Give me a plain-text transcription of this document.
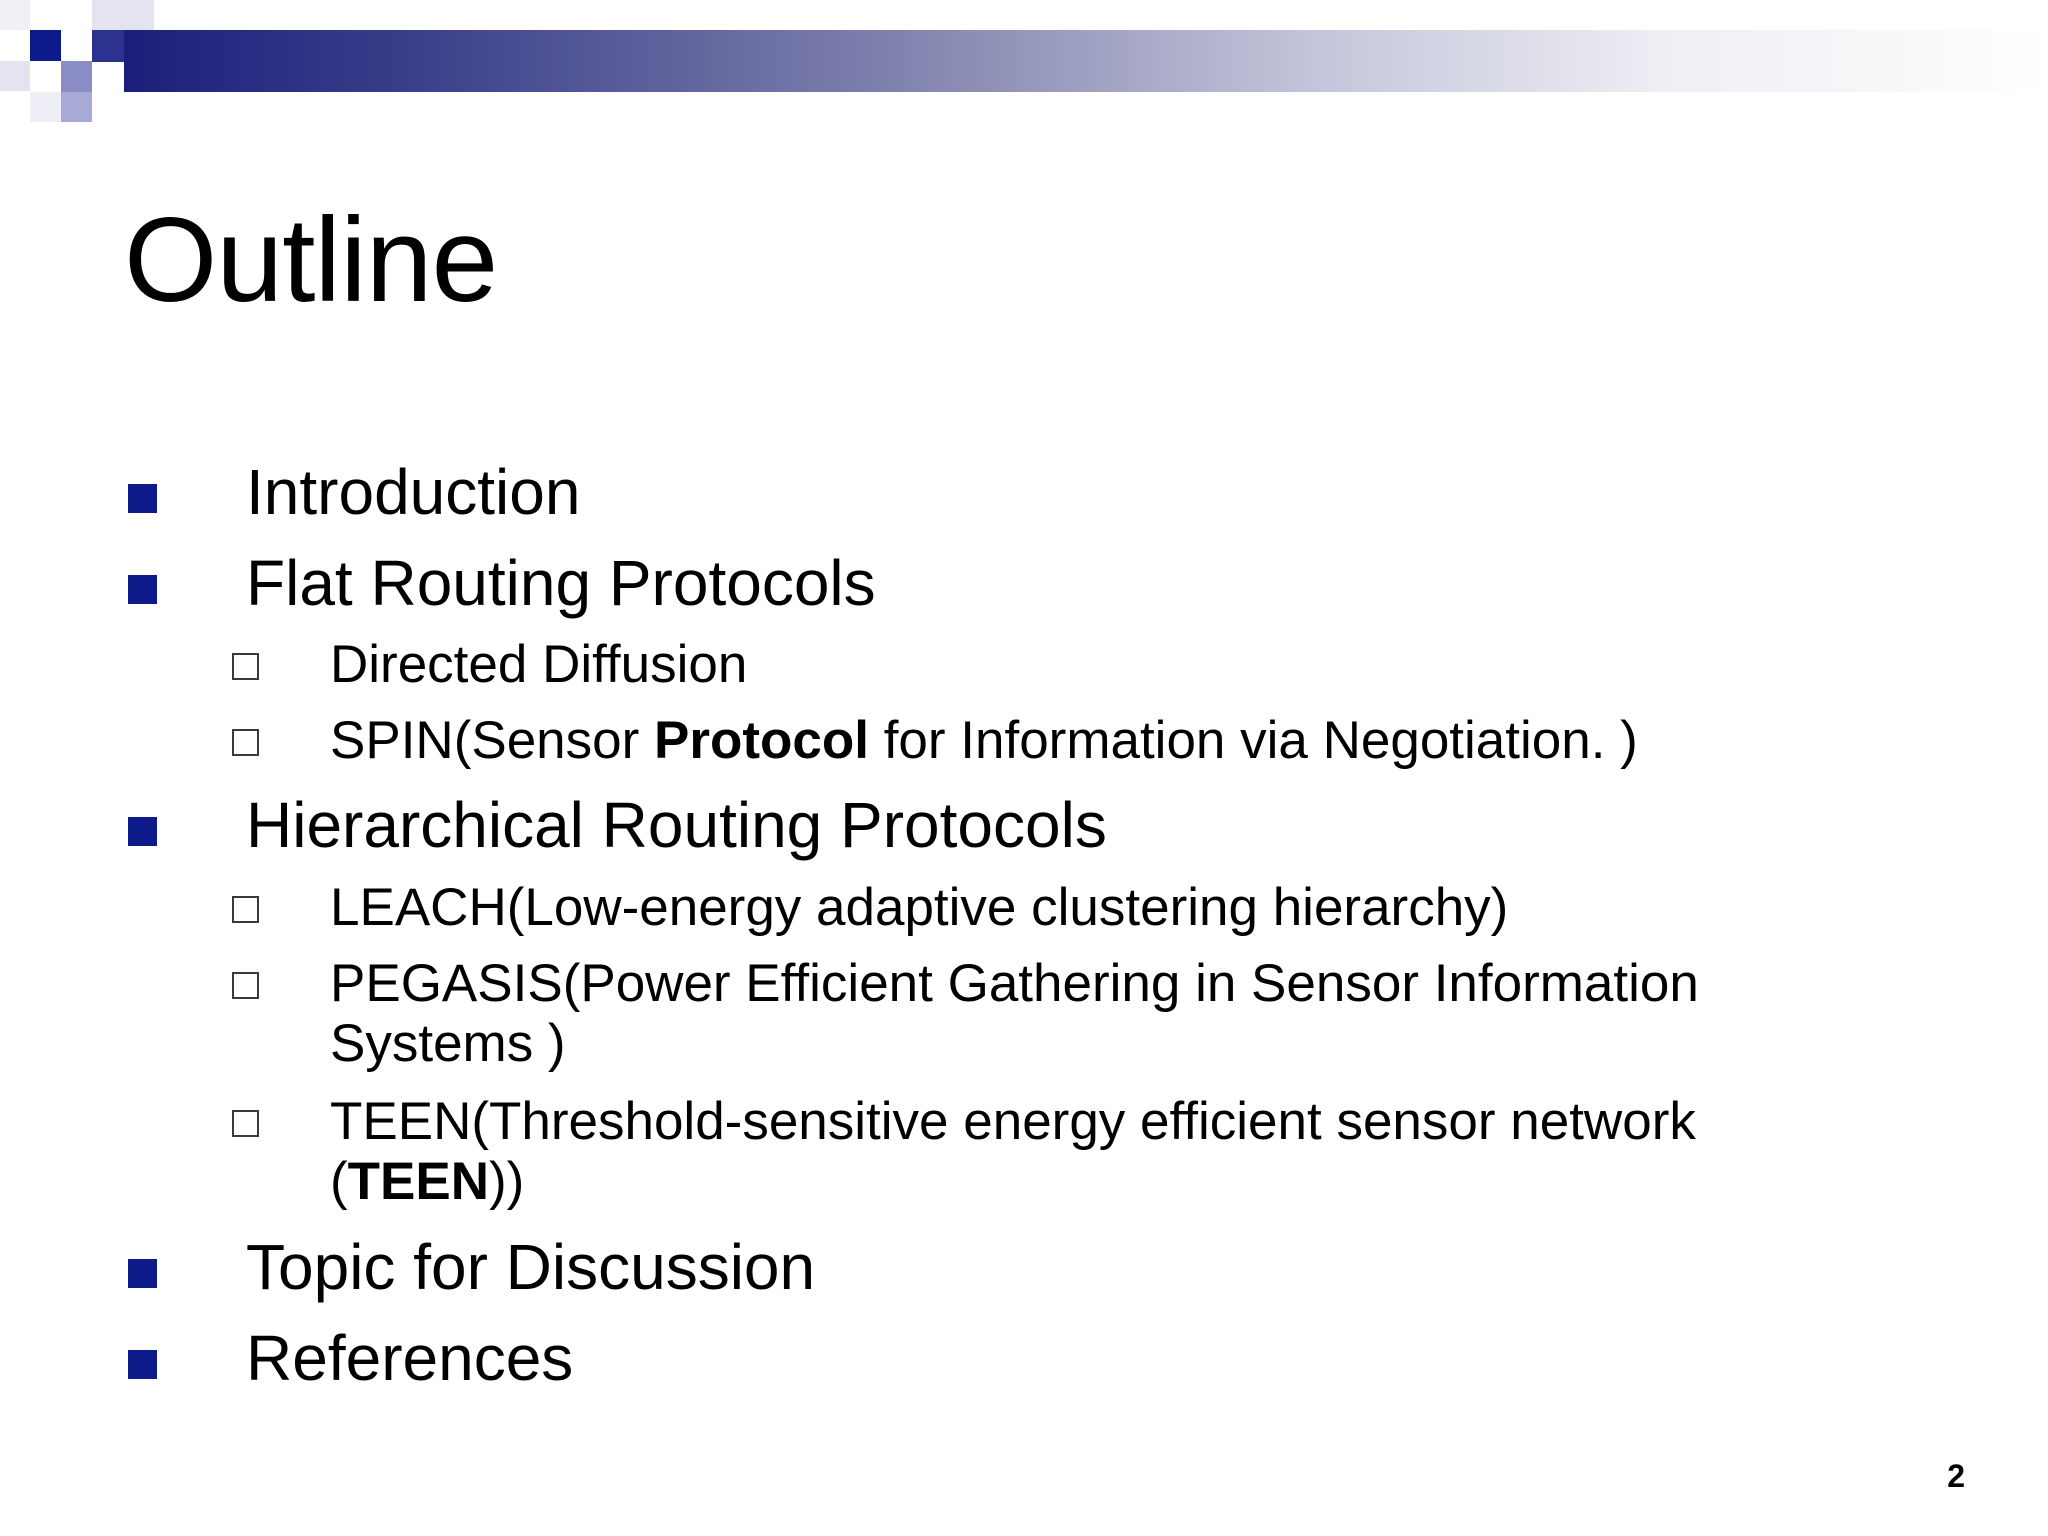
Outline
Introduction
Flat Routing Protocols
Directed Diffusion
SPIN(Sensor Protocol for Information via Negotiation. )
Hierarchical Routing Protocols
LEACH(Low-energy adaptive clustering hierarchy)
PEGASIS(Power Efficient Gathering in Sensor Information Systems )
TEEN(Threshold-sensitive energy efficient sensor network (TEEN))
Topic for Discussion
References
2
